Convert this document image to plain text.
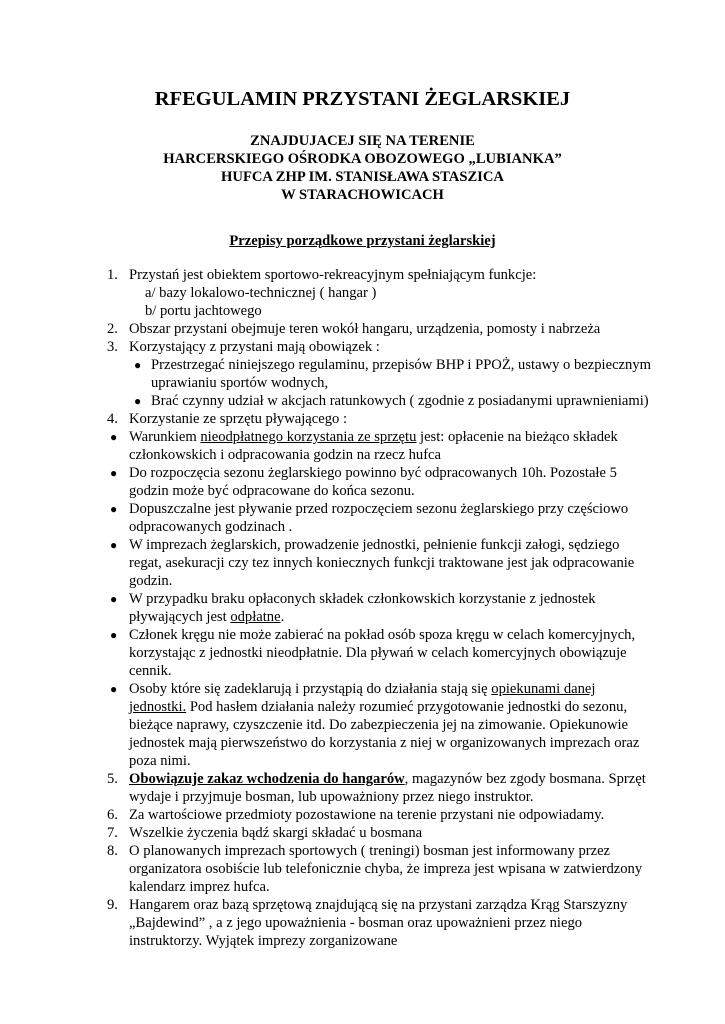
RFEGULAMIN PRZYSTANI ŻEGLARSKIEJ
ZNAJDUJACEJ SIĘ NA TERENIE
HARCERSKIEGO OŚRODKA OBOZOWEGO „LUBIANKA”
HUFCA ZHP IM. STANISŁAWA STASZICA
W STARACHOWICACH
Przepisy porządkowe przystani żeglarskiej
1. Przystań jest obiektem sportowo-rekreacyjnym spełniającym funkcje:
a/ bazy lokalowo-technicznej ( hangar )
b/ portu jachtowego
2. Obszar przystani obejmuje teren wokół hangaru, urządzenia, pomosty i nabrzeża
3. Korzystający z przystani mają obowiązek :
● Przestrzegać niniejszego regulaminu, przepisów BHP i PPOŻ, ustawy o bezpiecznym uprawianiu sportów wodnych,
● Brać czynny udział w akcjach ratunkowych ( zgodnie z posiadanymi uprawnieniami)
4. Korzystanie ze sprzętu pływającego :
● Warunkiem nieodpłatnego korzystania ze sprzętu jest: opłacenie na bieżąco składek członkowskich i odpracowania godzin na rzecz hufca
● Do rozpoczęcia sezonu żeglarskiego powinno być odpracowanych 10h. Pozostałe 5 godzin może być odpracowane do końca sezonu.
● Dopuszczalne jest pływanie przed rozpoczęciem sezonu żeglarskiego przy częściowo odpracowanych godzinach .
● W imprezach żeglarskich, prowadzenie jednostki, pełnienie funkcji załogi, sędziego regat, asekuracji czy tez innych koniecznych funkcji traktowane jest jak odpracowanie godzin.
● W przypadku braku opłaconych składek członkowskich korzystanie z jednostek pływających jest odpłatne.
● Członek kręgu nie może zabierać na pokład osób spoza kręgu w celach komercyjnych, korzystając z jednostki nieodpłatnie. Dla pływań w celach komercyjnych obowiązuje cennik.
● Osoby które się zadeklarują i przystąpią do działania stają się opiekunami danej jednostki. Pod hasłem działania należy rozumieć przygotowanie jednostki do sezonu, bieżące naprawy, czyszczenie itd. Do zabezpieczenia jej na zimowanie. Opiekunowie jednostek mają pierwszeństwo do korzystania z niej w organizowanych imprezach oraz poza nimi.
5. Obowiązuje zakaz wchodzenia do hangarów, magazynów bez zgody bosmana. Sprzęt wydaje i przyjmuje bosman, lub upoważniony przez niego instruktor.
6. Za wartościowe przedmioty pozostawione na terenie przystani nie odpowiadamy.
7. Wszelkie życzenia bądź skargi składać u bosmana
8. O planowanych imprezach sportowych ( treningi) bosman jest informowany przez organizatora osobiście lub telefonicznie chyba, że impreza jest wpisana w zatwierdzony kalendarz imprez hufca.
9. Hangarem oraz bazą sprzętową znajdującą się na przystani zarządza Krąg Starszyzny „Bajdewind” , a z jego upoważnienia - bosman oraz upoważnieni przez niego instruktorzy. Wyjątek imprezy zorganizowane
